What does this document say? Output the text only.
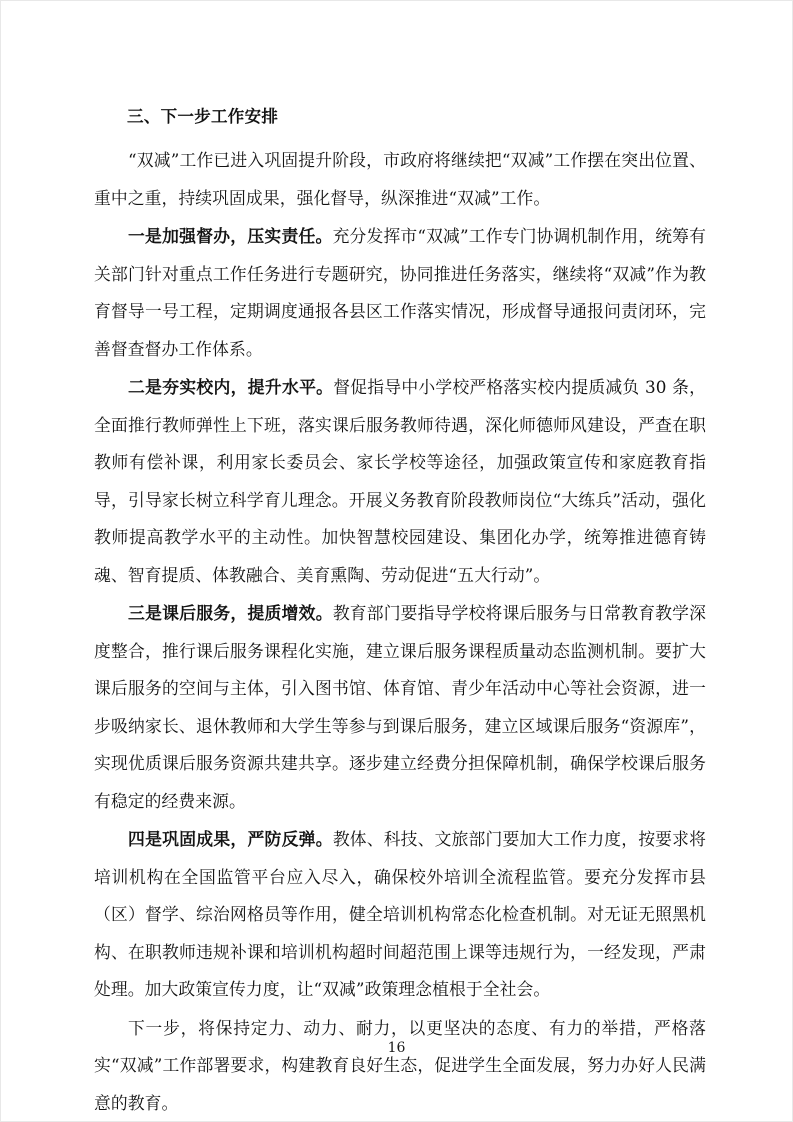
三、下一步工作安排

“双减”工作已进入巩固提升阶段，市政府将继续把“双减”工作摆在突出位置、重中之重，持续巩固成果，强化督导，纵深推进“双减”工作。

一是加强督办，压实责任。充分发挥市“双减”工作专门协调机制作用，统筹有关部门针对重点工作任务进行专题研究，协同推进任务落实，继续将“双减”作为教育督导一号工程，定期调度通报各县区工作落实情况，形成督导通报问责闭环，完善督查督办工作体系。

二是夯实校内，提升水平。督促指导中小学校严格落实校内提质减负 30 条，全面推行教师弹性上下班，落实课后服务教师待遇，深化师德师风建设，严查在职教师有偿补课，利用家长委员会、家长学校等途径，加强政策宣传和家庭教育指导，引导家长树立科学育儿理念。开展义务教育阶段教师岗位“大练兵”活动，强化教师提高教学水平的主动性。加快智慧校园建设、集团化办学，统筹推进德育铸魂、智育提质、体教融合、美育熏陶、劳动促进“五大行动”。

三是课后服务，提质增效。教育部门要指导学校将课后服务与日常教育教学深度整合，推行课后服务课程化实施，建立课后服务课程质量动态监测机制。要扩大课后服务的空间与主体，引入图书馆、体育馆、青少年活动中心等社会资源，进一步吸纳家长、退休教师和大学生等参与到课后服务，建立区域课后服务“资源库”，实现优质课后服务资源共建共享。逐步建立经费分担保障机制，确保学校课后服务有稳定的经费来源。

四是巩固成果，严防反弹。教体、科技、文旅部门要加大工作力度，按要求将培训机构在全国监管平台应入尽入，确保校外培训全流程监管。要充分发挥市县（区）督学、综治网格员等作用，健全培训机构常态化检查机制。对无证无照黑机构、在职教师违规补课和培训机构超时间超范围上课等违规行为，一经发现，严肃处理。加大政策宣传力度，让“双减”政策理念植根于全社会。

下一步，将保持定力、动力、耐力，以更坚决的态度、有力的举措，严格落实“双减”工作部署要求，构建教育良好生态，促进学生全面发展，努力办好人民满意的教育。

16
